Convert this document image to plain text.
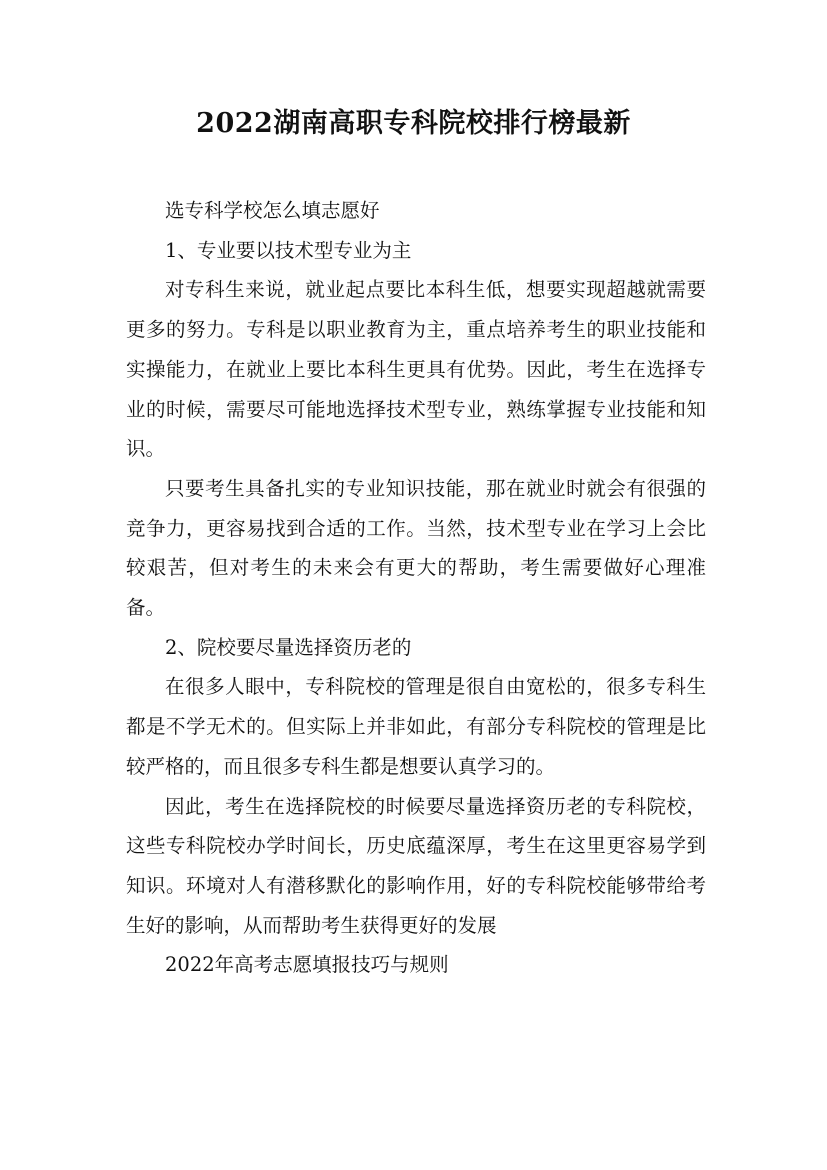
2022湖南高职专科院校排行榜最新

选专科学校怎么填志愿好

1、专业要以技术型专业为主

对专科生来说，就业起点要比本科生低，想要实现超越就需要更多的努力。专科是以职业教育为主，重点培养考生的职业技能和实操能力，在就业上要比本科生更具有优势。因此，考生在选择专业的时候，需要尽可能地选择技术型专业，熟练掌握专业技能和知识。

只要考生具备扎实的专业知识技能，那在就业时就会有很强的竞争力，更容易找到合适的工作。当然，技术型专业在学习上会比较艰苦，但对考生的未来会有更大的帮助，考生需要做好心理准备。

2、院校要尽量选择资历老的

在很多人眼中，专科院校的管理是很自由宽松的，很多专科生都是不学无术的。但实际上并非如此，有部分专科院校的管理是比较严格的，而且很多专科生都是想要认真学习的。

因此，考生在选择院校的时候要尽量选择资历老的专科院校，这些专科院校办学时间长，历史底蕴深厚，考生在这里更容易学到知识。环境对人有潜移默化的影响作用，好的专科院校能够带给考生好的影响，从而帮助考生获得更好的发展

2022年高考志愿填报技巧与规则
